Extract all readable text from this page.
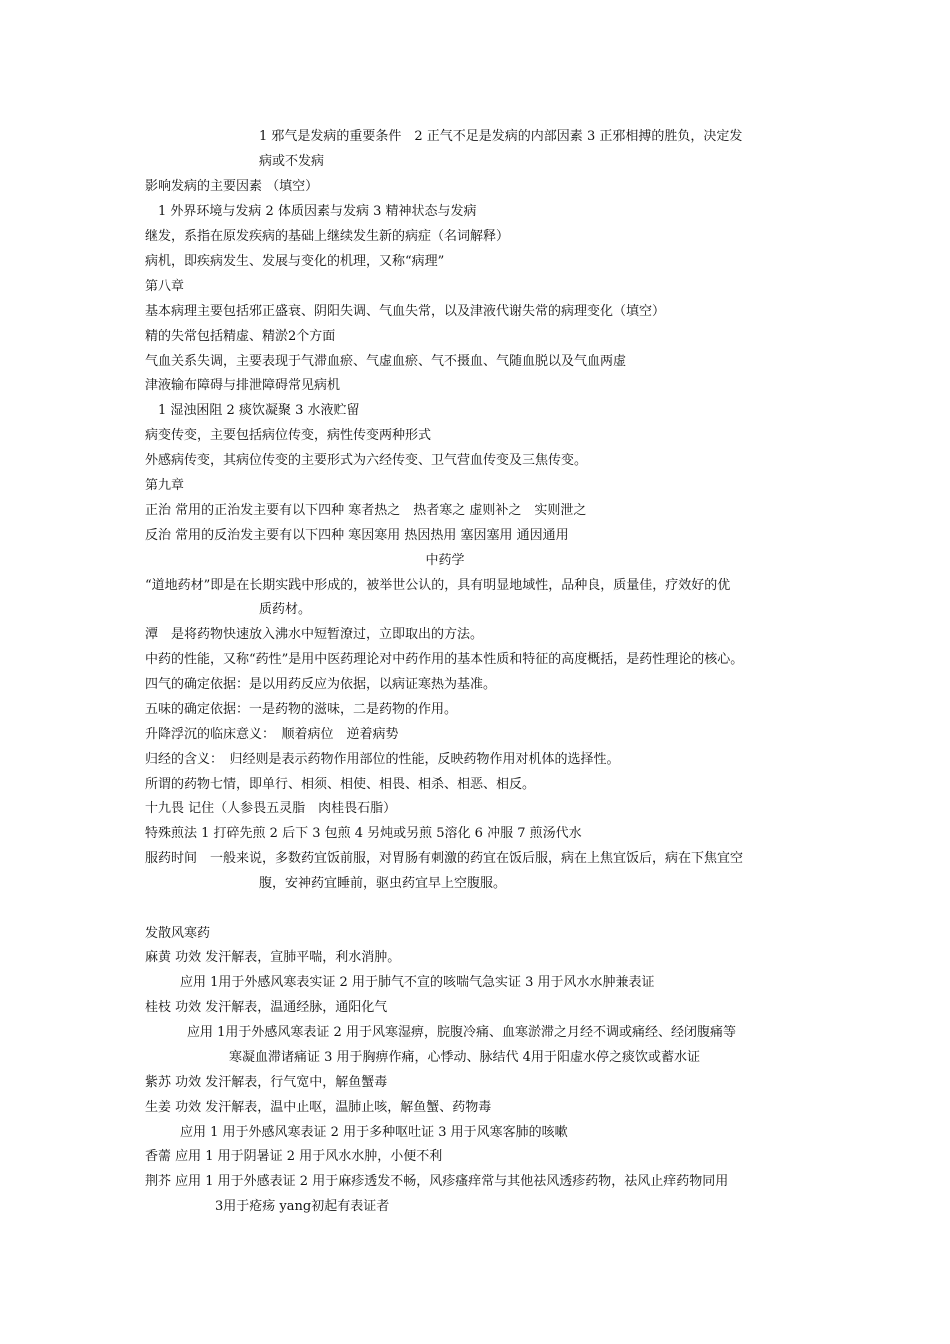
1 邪气是发病的重要条件　2 正气不足是发病的内部因素 3 正邪相搏的胜负，决定发
病或不发病
影响发病的主要因素 （填空）
1 外界环境与发病 2 体质因素与发病 3 精神状态与发病
继发，系指在原发疾病的基础上继续发生新的病症（名词解释）
病机，即疾病发生、发展与变化的机理，又称“病理”
第八章
基本病理主要包括邪正盛衰、阴阳失调、气血失常，以及津液代谢失常的病理变化（填空）
精的失常包括精虚、精淤2个方面
气血关系失调，主要表现于气滞血瘀、气虚血瘀、气不摄血、气随血脱以及气血两虚
津液输布障碍与排泄障碍常见病机
1 湿浊困阻 2 痰饮凝聚 3 水液贮留
病变传变，主要包括病位传变，病性传变两种形式
外感病传变，其病位传变的主要形式为六经传变、卫气营血传变及三焦传变。
第九章
正治 常用的正治发主要有以下四种 寒者热之　热者寒之 虚则补之　实则泄之
反治 常用的反治发主要有以下四种 寒因寒用 热因热用 塞因塞用 通因通用
中药学
“道地药材”即是在长期实践中形成的，被举世公认的，具有明显地域性，品种良，质量佳，疗效好的优
质药材。
潭　是将药物快速放入沸水中短暂潦过，立即取出的方法。
中药的性能，又称“药性”是用中医药理论对中药作用的基本性质和特征的高度概括，是药性理论的核心。
四气的确定依据：是以用药反应为依据，以病证寒热为基准。
五味的确定依据：一是药物的滋味，二是药物的作用。
升降浮沉的临床意义：　顺着病位　逆着病势
归经的含义：　归经则是表示药物作用部位的性能，反映药物作用对机体的选择性。
所谓的药物七情，即单行、相须、相使、相畏、相杀、相恶、相反。
十九畏 记住（人参畏五灵脂　肉桂畏石脂）
特殊煎法 1 打碎先煎 2 后下 3 包煎 4 另炖或另煎 5溶化 6 冲服 7 煎汤代水
服药时间　一般来说，多数药宜饭前服，对胃肠有刺激的药宜在饭后服，病在上焦宜饭后，病在下焦宜空
腹，安神药宜睡前，驱虫药宜早上空腹服。
发散风寒药
麻黄 功效 发汗解表，宣肺平喘，利水消肿。
应用 1用于外感风寒表实证 2 用于肺气不宣的咳喘气急实证 3 用于风水水肿兼表证
桂枝 功效 发汗解表，温通经脉，通阳化气
应用 1用于外感风寒表证 2 用于风寒湿痹，脘腹冷痛、血寒淤滞之月经不调或痛经、经闭腹痛等
寒凝血滞诸痛证 3 用于胸痹作痛，心悸动、脉结代 4用于阳虚水停之痰饮或蓄水证
紫苏 功效 发汗解表，行气宽中，解鱼蟹毒
生姜 功效 发汗解表，温中止呕，温肺止咳，解鱼蟹、药物毒
应用 1 用于外感风寒表证 2 用于多种呕吐证 3 用于风寒客肺的咳嗽
香薷 应用 1 用于阴暑证 2 用于风水水肿，小便不利
荆芥 应用 1 用于外感表证 2 用于麻疹透发不畅，风疹瘙痒常与其他祛风透疹药物，祛风止痒药物同用
3用于疮疡 yang初起有表证者
